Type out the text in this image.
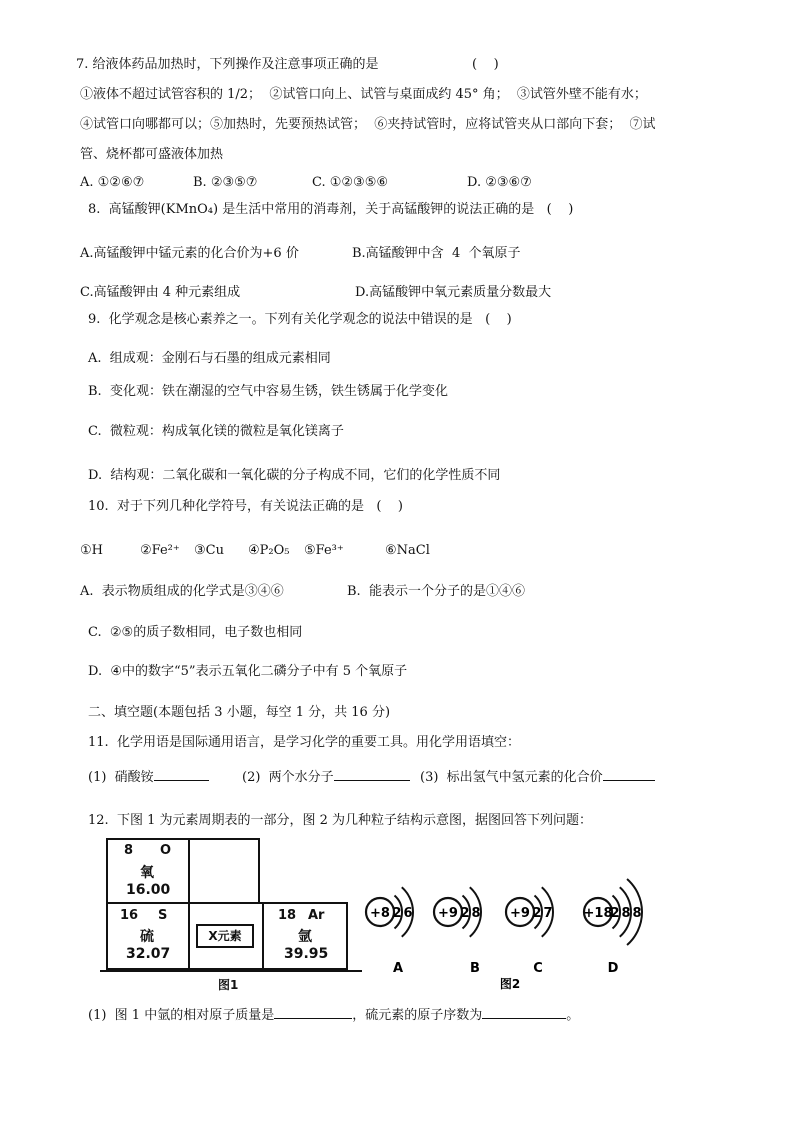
7. 给液体药品加热时，下列操作及注意事项正确的是	(    )
①液体不超过试管容积的 1/2；  ②试管口向上、试管与桌面成约 45° 角；  ③试管外壁不能有水；
④试管口向哪都可以；⑤加热时，先要预热试管；  ⑥夹持试管时，应将试管夹从口部向下套；  ⑦试
管、烧杯都可盛液体加热
A. ①②⑥⑦	B. ②③⑤⑦	C. ①②③⑤⑥	D. ②③⑥⑦
8.  高锰酸钾(KMnO₄) 是生活中常用的消毒剂，关于高锰酸钾的说法正确的是   (    )
A.高锰酸钾中锰元素的化合价为+6 价	B.高锰酸钾中含  4  个氧原子
C.高锰酸钾由 4 种元素组成	D.高锰酸钾中氧元素质量分数最大
9.  化学观念是核心素养之一。下列有关化学观念的说法中错误的是   (    )
A.  组成观：金刚石与石墨的组成元素相同
B.  变化观：铁在潮湿的空气中容易生锈，铁生锈属于化学变化
C.  微粒观：构成氧化镁的微粒是氧化镁离子
D.  结构观：二氧化碳和一氧化碳的分子构成不同，它们的化学性质不同
10.  对于下列几种化学符号，有关说法正确的是   (    )
①H	②Fe²⁺ ③Cu ④P₂O₅ ⑤Fe³⁺	⑥NaCl
A.  表示物质组成的化学式是③④⑥	B.  能表示一个分子的是①④⑥
C.  ②⑤的质子数相同，电子数也相同
D.  ④中的数字“5”表示五氧化二磷分子中有 5 个氧原子
二、填空题(本题包括 3 小题，每空 1 分，共 16 分)
11.  化学用语是国际通用语言，是学习化学的重要工具。用化学用语填空：
(1)  硝酸铵	(2)  两个水分子	(3)  标出氢气中氢元素的化合价
12.  下图 1 为元素周期表的一部分，图 2 为几种粒子结构示意图，据图回答下列问题：
8 O
氧
16.00
16 S
硫
32.07
X元素
18 Ar
氩
39.95
图1
+8 2 6
A
+9 2 8
B
+9 2 7
C
+18
2 8 8
D
图2
(1)  图 1 中氩的相对原子质量是	，硫元素的原子序数为	。
